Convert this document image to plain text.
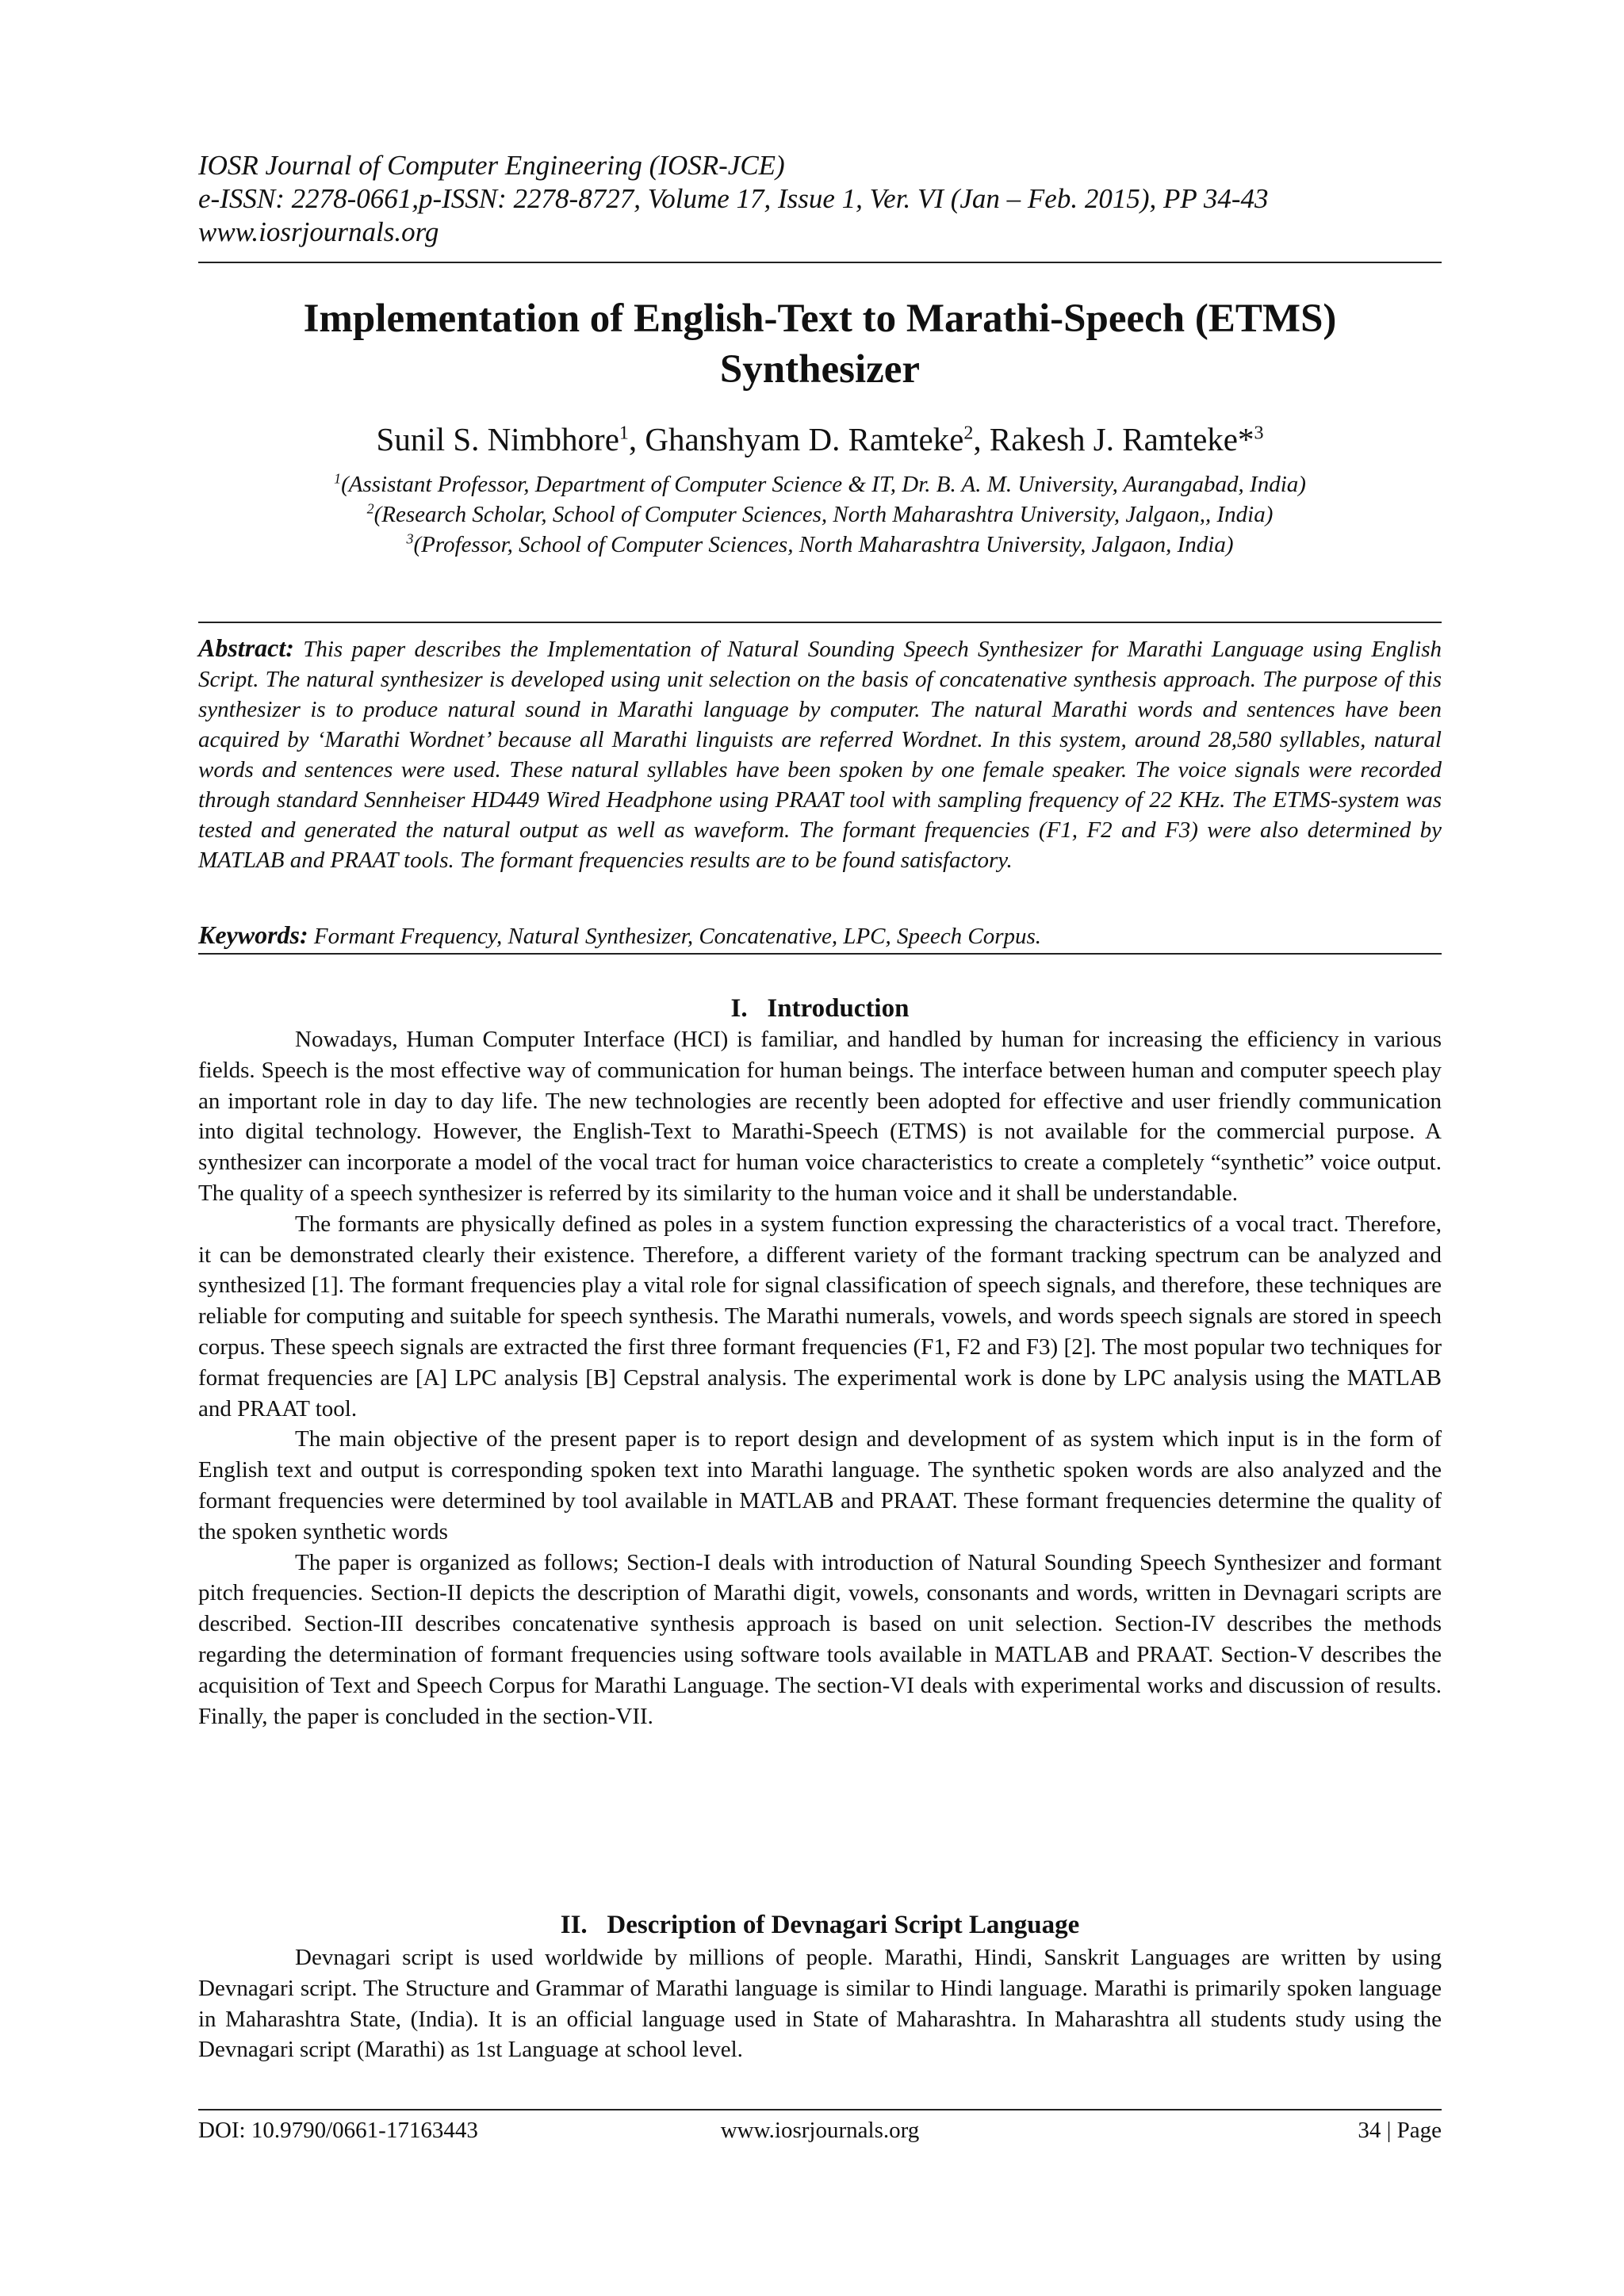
IOSR Journal of Computer Engineering (IOSR-JCE)
e-ISSN: 2278-0661,p-ISSN: 2278-8727, Volume 17, Issue 1, Ver. VI (Jan – Feb. 2015), PP 34-43
www.iosrjournals.org
Implementation of English-Text to Marathi-Speech (ETMS)
Synthesizer
Sunil S. Nimbhore$^1$, Ghanshyam D. Ramteke$^2$, Rakesh J. Ramteke*$^3$
$^1$(Assistant Professor, Department of Computer Science & IT, Dr. B. A. M. University, Aurangabad, India)
$^2$(Research Scholar, School of Computer Sciences, North Maharashtra University, Jalgaon,, India)
$^3$(Professor, School of Computer Sciences, North Maharashtra University, Jalgaon, India)
Abstract: This paper describes the Implementation of Natural Sounding Speech Synthesizer for Marathi Language using English Script. The natural synthesizer is developed using unit selection on the basis of concatenative synthesis approach. The purpose of this synthesizer is to produce natural sound in Marathi language by computer. The natural Marathi words and sentences have been acquired by ‘Marathi Wordnet’ because all Marathi linguists are referred Wordnet. In this system, around 28,580 syllables, natural words and sentences were used. These natural syllables have been spoken by one female speaker. The voice signals were recorded through standard Sennheiser HD449 Wired Headphone using PRAAT tool with sampling frequency of 22 KHz. The ETMS-system was tested and generated the natural output as well as waveform. The formant frequencies (F1, F2 and F3) were also determined by MATLAB and PRAAT tools. The formant frequencies results are to be found satisfactory.
Keywords: Formant Frequency, Natural Synthesizer, Concatenative, LPC, Speech Corpus.
I.   Introduction

Nowadays, Human Computer Interface (HCI) is familiar, and handled by human for increasing the efficiency in various fields. Speech is the most effective way of communication for human beings. The interface between human and computer speech play an important role in day to day life. The new technologies are recently been adopted for effective and user friendly communication into digital technology. However, the English-Text to Marathi-Speech (ETMS) is not available for the commercial purpose. A synthesizer can incorporate a model of the vocal tract for human voice characteristics to create a completely “synthetic” voice output. The quality of a speech synthesizer is referred by its similarity to the human voice and it shall be understandable.

The formants are physically defined as poles in a system function expressing the characteristics of a vocal tract. Therefore, it can be demonstrated clearly their existence. Therefore, a different variety of the formant tracking spectrum can be analyzed and synthesized [1]. The formant frequencies play a vital role for signal classification of speech signals, and therefore, these techniques are reliable for computing and suitable for speech synthesis. The Marathi numerals, vowels, and words speech signals are stored in speech corpus. These speech signals are extracted the first three formant frequencies (F1, F2 and F3) [2]. The most popular two techniques for format frequencies are [A] LPC analysis [B] Cepstral analysis. The experimental work is done by LPC analysis using the MATLAB and PRAAT tool.

The main objective of the present paper is to report design and development of as system which input is in the form of English text and output is corresponding spoken text into Marathi language. The synthetic spoken words are also analyzed and the formant frequencies were determined by tool available in MATLAB and PRAAT. These formant frequencies determine the quality of the spoken synthetic words

The paper is organized as follows; Section-I deals with introduction of Natural Sounding Speech Synthesizer and formant pitch frequencies. Section-II depicts the description of Marathi digit, vowels, consonants and words, written in Devnagari scripts are described. Section-III describes concatenative synthesis approach is based on unit selection. Section-IV describes the methods regarding the determination of formant frequencies using software tools available in MATLAB and PRAAT. Section-V describes the acquisition of Text and Speech Corpus for Marathi Language. The section-VI deals with experimental works and discussion of results. Finally, the paper is concluded in the section-VII.

II.   Description of Devnagari Script Language

Devnagari script is used worldwide by millions of people. Marathi, Hindi, Sanskrit Languages are written by using Devnagari script. The Structure and Grammar of Marathi language is similar to Hindi language. Marathi is primarily spoken language in Maharashtra State, (India). It is an official language used in State of Maharashtra. In Maharashtra all students study using the Devnagari script (Marathi) as 1st Language at school level.

DOI: 10.9790/0661-17163443	www.iosrjournals.org	34 | Page
